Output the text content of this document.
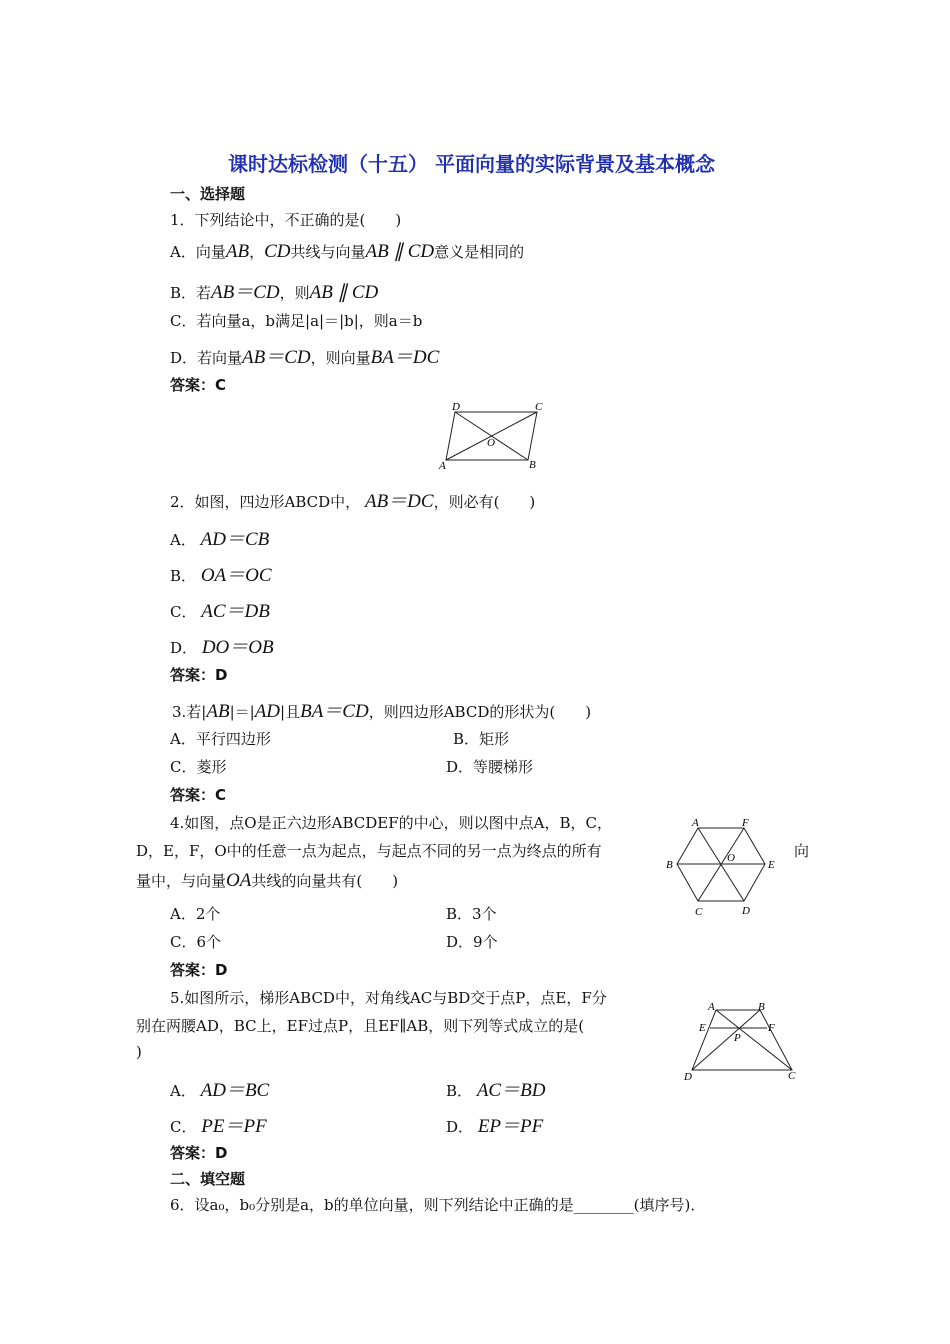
课时达标检测（十五） 平面向量的实际背景及基本概念
一、选择题
1．下列结论中，不正确的是(　　)
A．向量AB，CD共线与向量AB ∥ CD意义是相同的
B．若AB＝CD，则AB ∥ CD
C．若向量a，b满足|a|＝|b|，则a＝b
D．若向量AB＝CD，则向量BA＝DC
答案：C
D	C
O
A	B
2．如图，四边形ABCD中， AB＝DC，则必有(　　)
A． AD＝CB
B． OA＝OC
C． AC＝DB
D． DO＝OB
答案：D
3.若|AB|＝|AD|且BA＝CD，则四边形ABCD的形状为(　　)
A．平行四边形	B．矩形
C．菱形	D．等腰梯形
答案：C
4.如图，点O是正六边形ABCDEF的中心，则以图中点A，B，C，
D，E，F，O中的任意一点为起点，与起点不同的另一点为终点的所有	向
量中，与向量OA共线的向量共有(　　)
A．2个	B．3个
C．6个	D．9个
答案：D
A	F
B
O
E
C	D
5.如图所示，梯形ABCD中，对角线AC与BD交于点P，点E，F分
别在两腰AD，BC上，EF过点P，且EF∥AB，则下列等式成立的是(
)
A． AD＝BC	B． AC＝BD
C． PE＝PF	D． EP＝PF
答案：D
A	B
E	F
P
D	C
二、填空题
6．设a₀，b₀分别是a，b的单位向量，则下列结论中正确的是________(填序号)．
